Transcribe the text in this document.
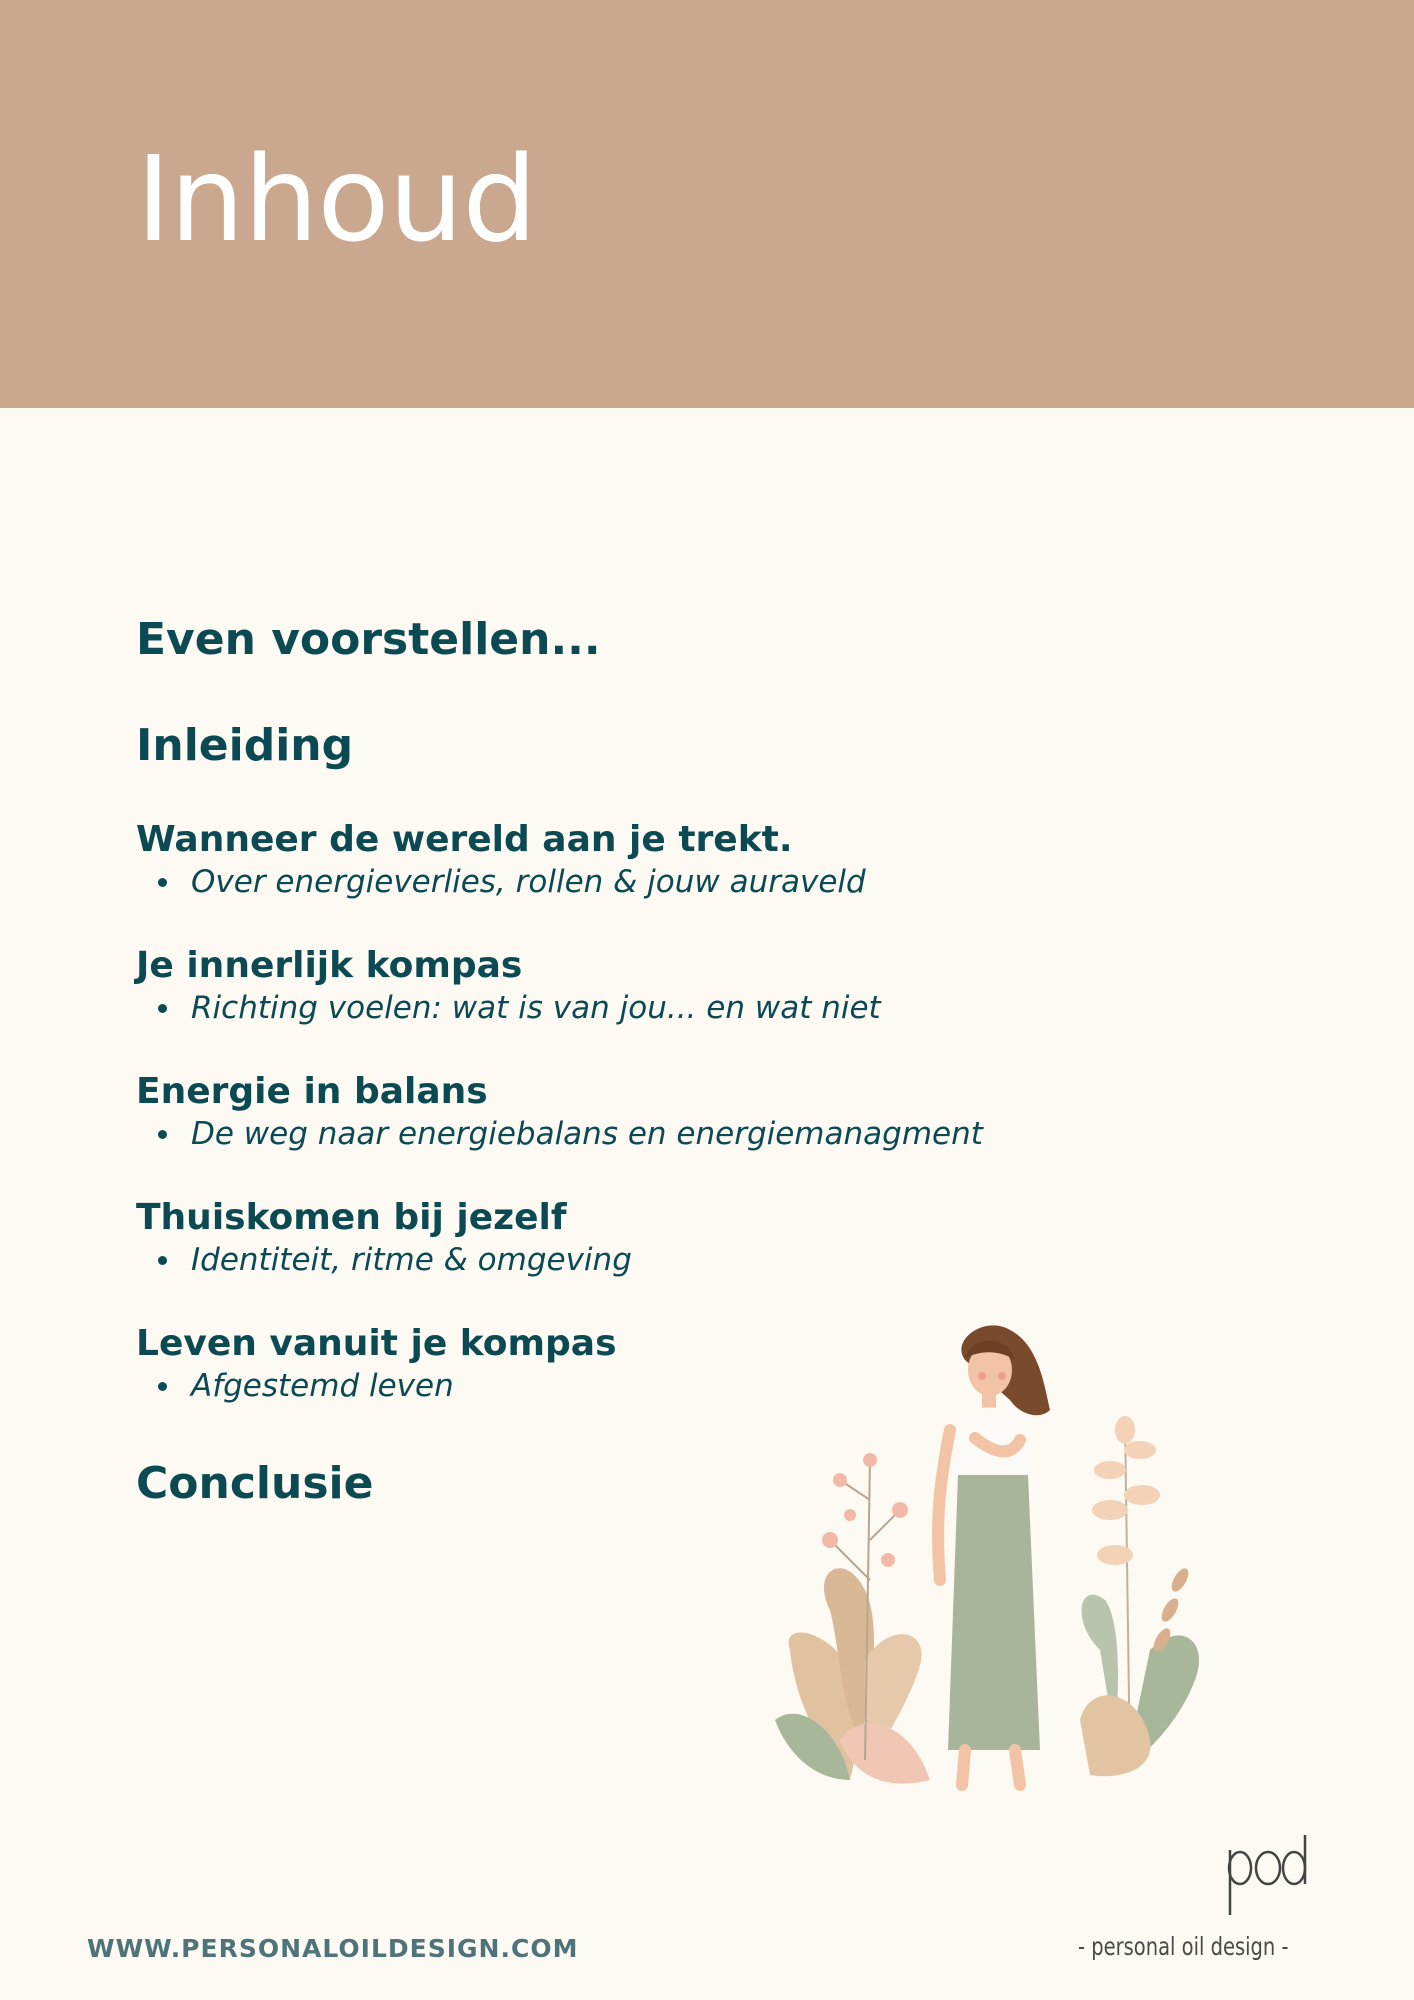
Inhoud
Even voorstellen...
Inleiding
Wanneer de wereld aan je trekt.
Over energieverlies, rollen & jouw auraveld
Je innerlijk kompas
Richting voelen: wat is van jou... en wat niet
Energie in balans
De weg naar energiebalans en energiemanagment
Thuiskomen bij jezelf
Identiteit, ritme & omgeving
Leven vanuit je kompas
Afgestemd leven
Conclusie
WWW.PERSONALOILDESIGN.COM	- personal oil design -
